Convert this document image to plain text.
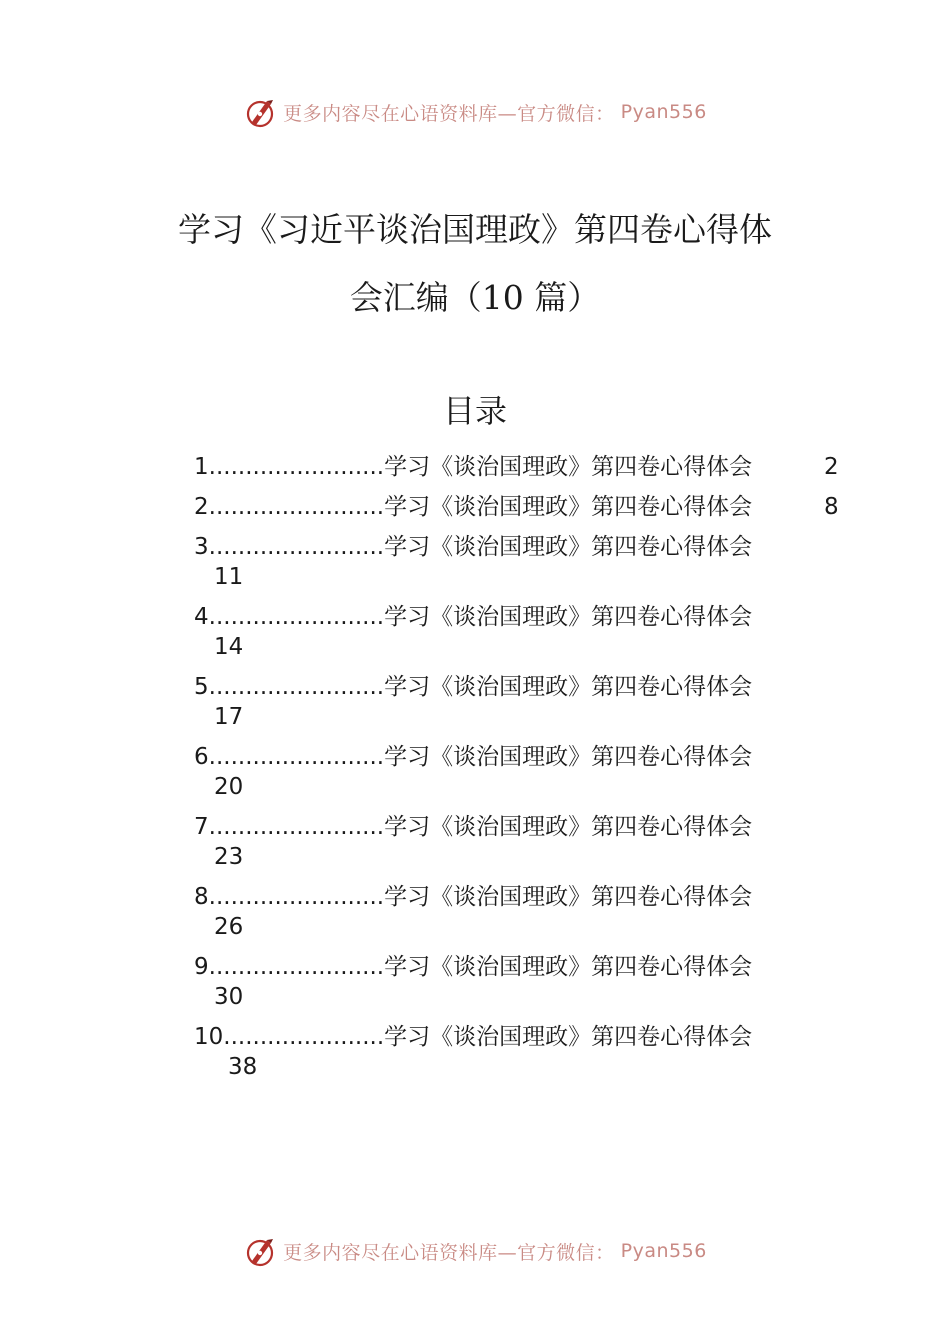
更多内容尽在心语资料库—官方微信： Pyan556
学习《习近平谈治国理政》第四卷心得体
会汇编（10 篇）
目录
1........................学习《谈治国理政》第四卷心得体会	2
2........................学习《谈治国理政》第四卷心得体会	8
3........................学习《谈治国理政》第四卷心得体会
11
4........................学习《谈治国理政》第四卷心得体会
14
5........................学习《谈治国理政》第四卷心得体会
17
6........................学习《谈治国理政》第四卷心得体会
20
7........................学习《谈治国理政》第四卷心得体会
23
8........................学习《谈治国理政》第四卷心得体会
26
9........................学习《谈治国理政》第四卷心得体会
30
10......................学习《谈治国理政》第四卷心得体会
38
更多内容尽在心语资料库—官方微信： Pyan556
